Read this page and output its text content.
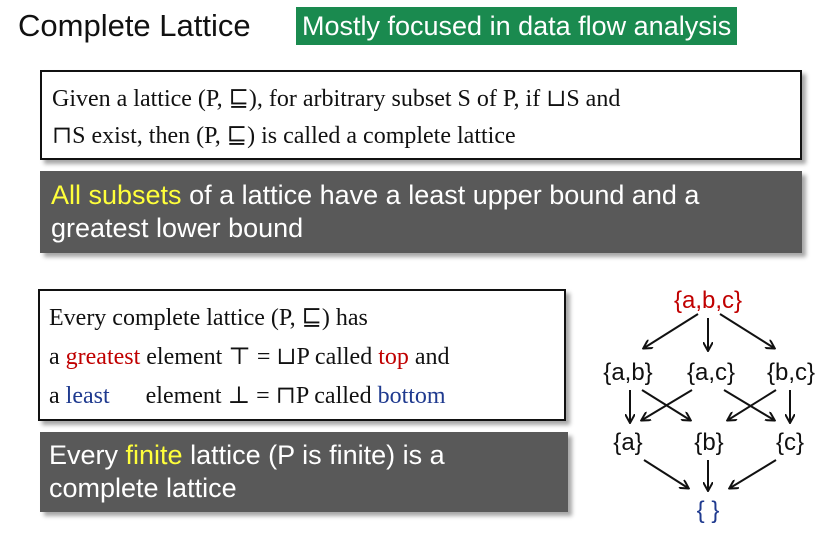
Complete Lattice Mostly focused in data flow analysis
Given a lattice (P, ⊑), for arbitrary subset S of P, if ⊔S and
⊓S exist, then (P, ⊑) is called a complete lattice
All subsets of a lattice have a least upper bound and a
greatest lower bound
Every complete lattice (P, ⊑) has
a greatest element ⊤ = ⊔P called top and
a least      element ⊥ = ⊓P called bottom
Every finite lattice (P is finite) is a
complete lattice
{a,b,c}
{a,b} {a,c} {b,c}
{a} {b} {c}
{ }
